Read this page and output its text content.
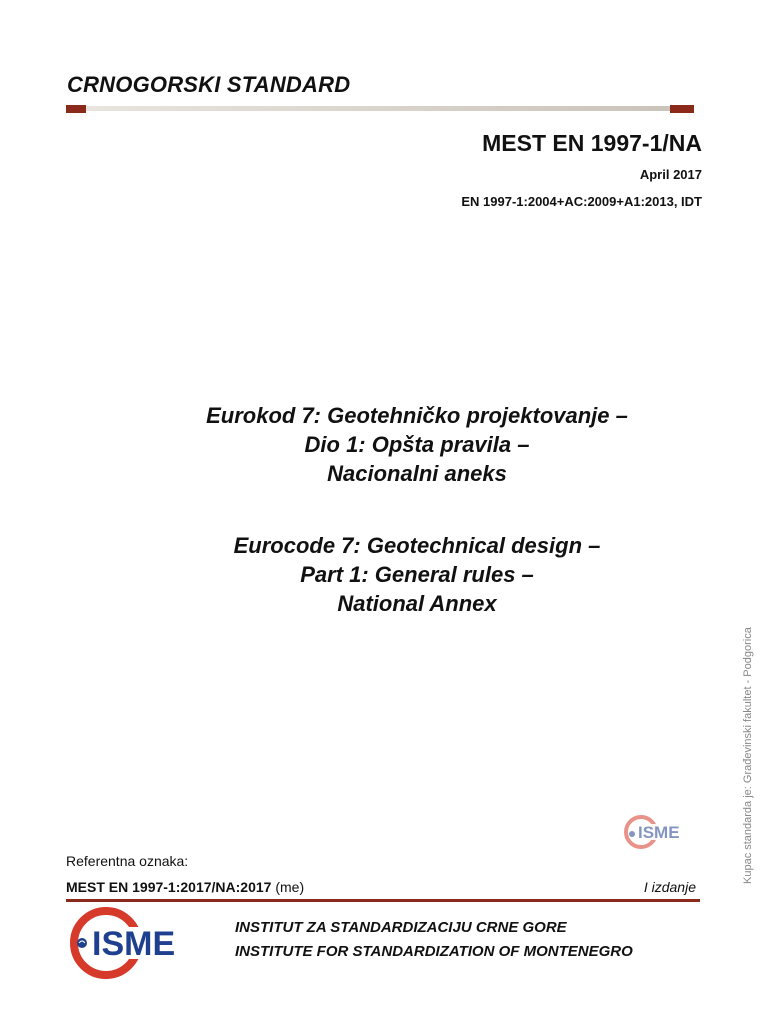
CRNOGORSKI STANDARD
MEST EN 1997-1/NA
April 2017
EN 1997-1:2004+AC:2009+A1:2013, IDT
Eurokod 7: Geotehničko projektovanje –
Dio 1: Opšta pravila –
Nacionalni aneks
Eurocode 7: Geotechnical design –
Part 1: General rules –
National Annex
ISME
Referentna oznaka:
MEST EN 1997-1:2017/NA:2017 (me)	I izdanje
ISME	INSTITUT ZA STANDARDIZACIJU CRNE GORE
INSTITUTE FOR STANDARDIZATION OF MONTENEGRO
Kupac standarda je: Građevinski fakultet - Podgorica
